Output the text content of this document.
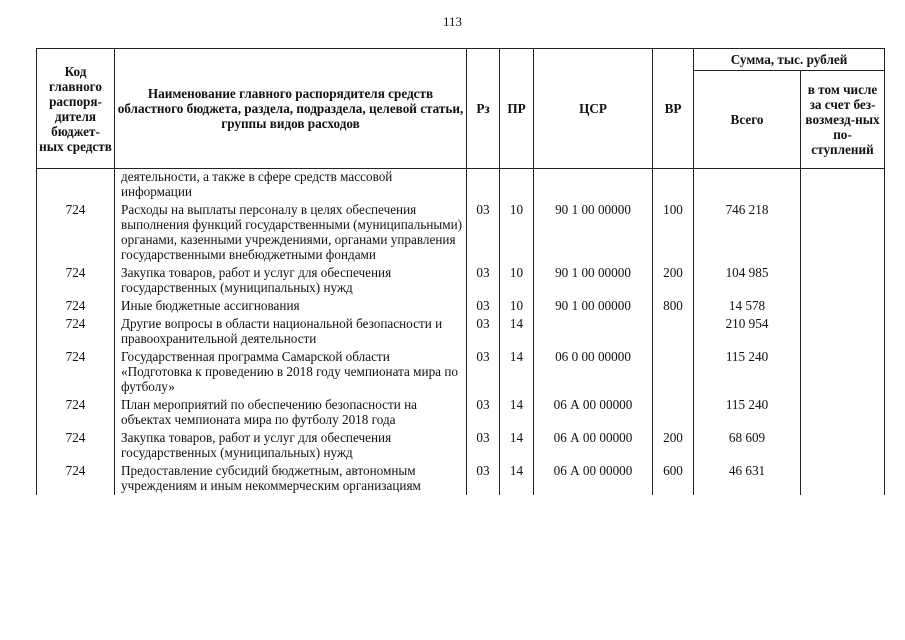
113
Код главного распоря-дителя бюджет-ных средств	Наименование главного распорядителя средств областного бюджета, раздела, подраздела, целевой статьи, группы видов расходов	Рз	ПР	ЦСР	ВР	Сумма, тыс. рублей	
						Всего	в том числе за счет без-возмезд-ных по-ступлений
	деятельности, а также в сфере средств массовой информации						
724	Расходы на выплаты персоналу в целях обеспечения выполнения функций государственными (муниципальными) органами, казенными учреждениями, органами управления государственными внебюджетными фондами	03	10	90 1 00 00000	100	746 218	
724	Закупка товаров, работ и услуг для обеспечения государственных (муниципальных) нужд	03	10	90 1 00 00000	200	104 985	
724	Иные бюджетные ассигнования	03	10	90 1 00 00000	800	14 578	
724	Другие вопросы в области национальной безопасности и правоохранительной деятельности	03	14			210 954	
724	Государственная программа Самарской области «Подготовка к проведению в 2018 году чемпионата мира по футболу»	03	14	06 0 00 00000		115 240	
724	План мероприятий по обеспечению безопасности на объектах чемпионата мира по футболу 2018 года	03	14	06 А 00 00000		115 240	
724	Закупка товаров, работ и услуг для обеспечения государственных (муниципальных) нужд	03	14	06 А 00 00000	200	68 609	
724	Предоставление субсидий бюджетным, автономным учреждениям и иным некоммерческим организациям	03	14	06 А 00 00000	600	46 631	
